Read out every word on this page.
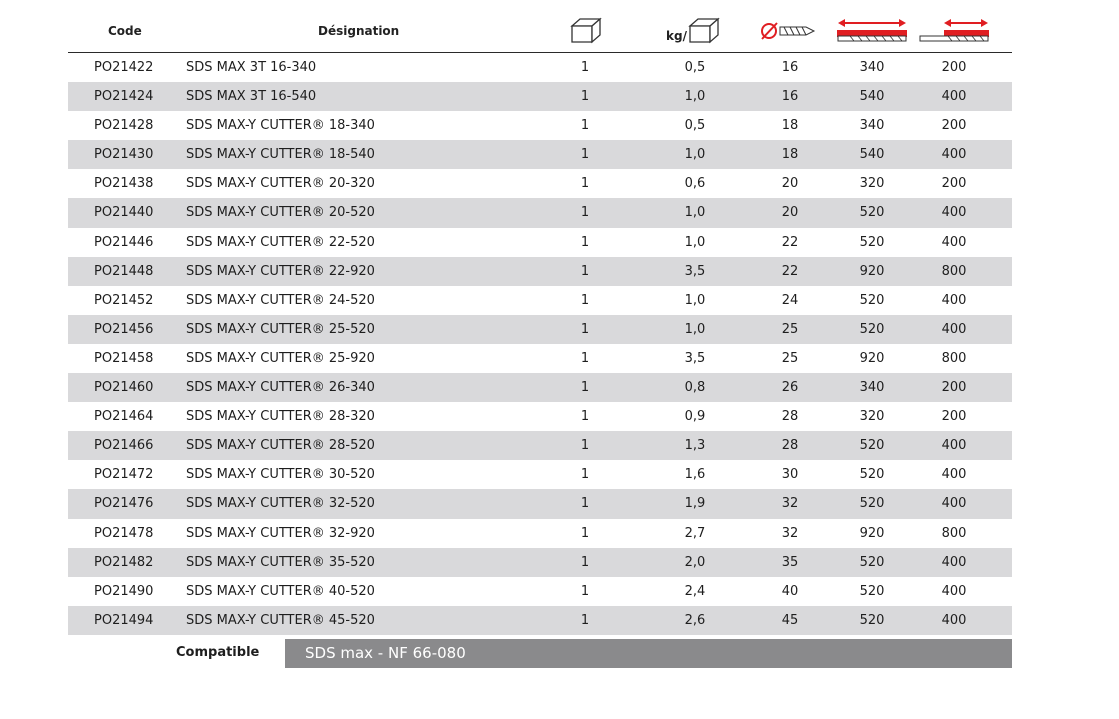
Code	Désignation	kg/
PO21422	SDS MAX 3T 16-340	1	0,5	16	340	200
PO21424	SDS MAX 3T 16-540	1	1,0	16	540	400
PO21428	SDS MAX-Y CUTTER® 18-340	1	0,5	18	340	200
PO21430	SDS MAX-Y CUTTER® 18-540	1	1,0	18	540	400
PO21438	SDS MAX-Y CUTTER® 20-320	1	0,6	20	320	200
PO21440	SDS MAX-Y CUTTER® 20-520	1	1,0	20	520	400
PO21446	SDS MAX-Y CUTTER® 22-520	1	1,0	22	520	400
PO21448	SDS MAX-Y CUTTER® 22-920	1	3,5	22	920	800
PO21452	SDS MAX-Y CUTTER® 24-520	1	1,0	24	520	400
PO21456	SDS MAX-Y CUTTER® 25-520	1	1,0	25	520	400
PO21458	SDS MAX-Y CUTTER® 25-920	1	3,5	25	920	800
PO21460	SDS MAX-Y CUTTER® 26-340	1	0,8	26	340	200
PO21464	SDS MAX-Y CUTTER® 28-320	1	0,9	28	320	200
PO21466	SDS MAX-Y CUTTER® 28-520	1	1,3	28	520	400
PO21472	SDS MAX-Y CUTTER® 30-520	1	1,6	30	520	400
PO21476	SDS MAX-Y CUTTER® 32-520	1	1,9	32	520	400
PO21478	SDS MAX-Y CUTTER® 32-920	1	2,7	32	920	800
PO21482	SDS MAX-Y CUTTER® 35-520	1	2,0	35	520	400
PO21490	SDS MAX-Y CUTTER® 40-520	1	2,4	40	520	400
PO21494	SDS MAX-Y CUTTER® 45-520	1	2,6	45	520	400
Compatible	SDS max - NF 66-080
